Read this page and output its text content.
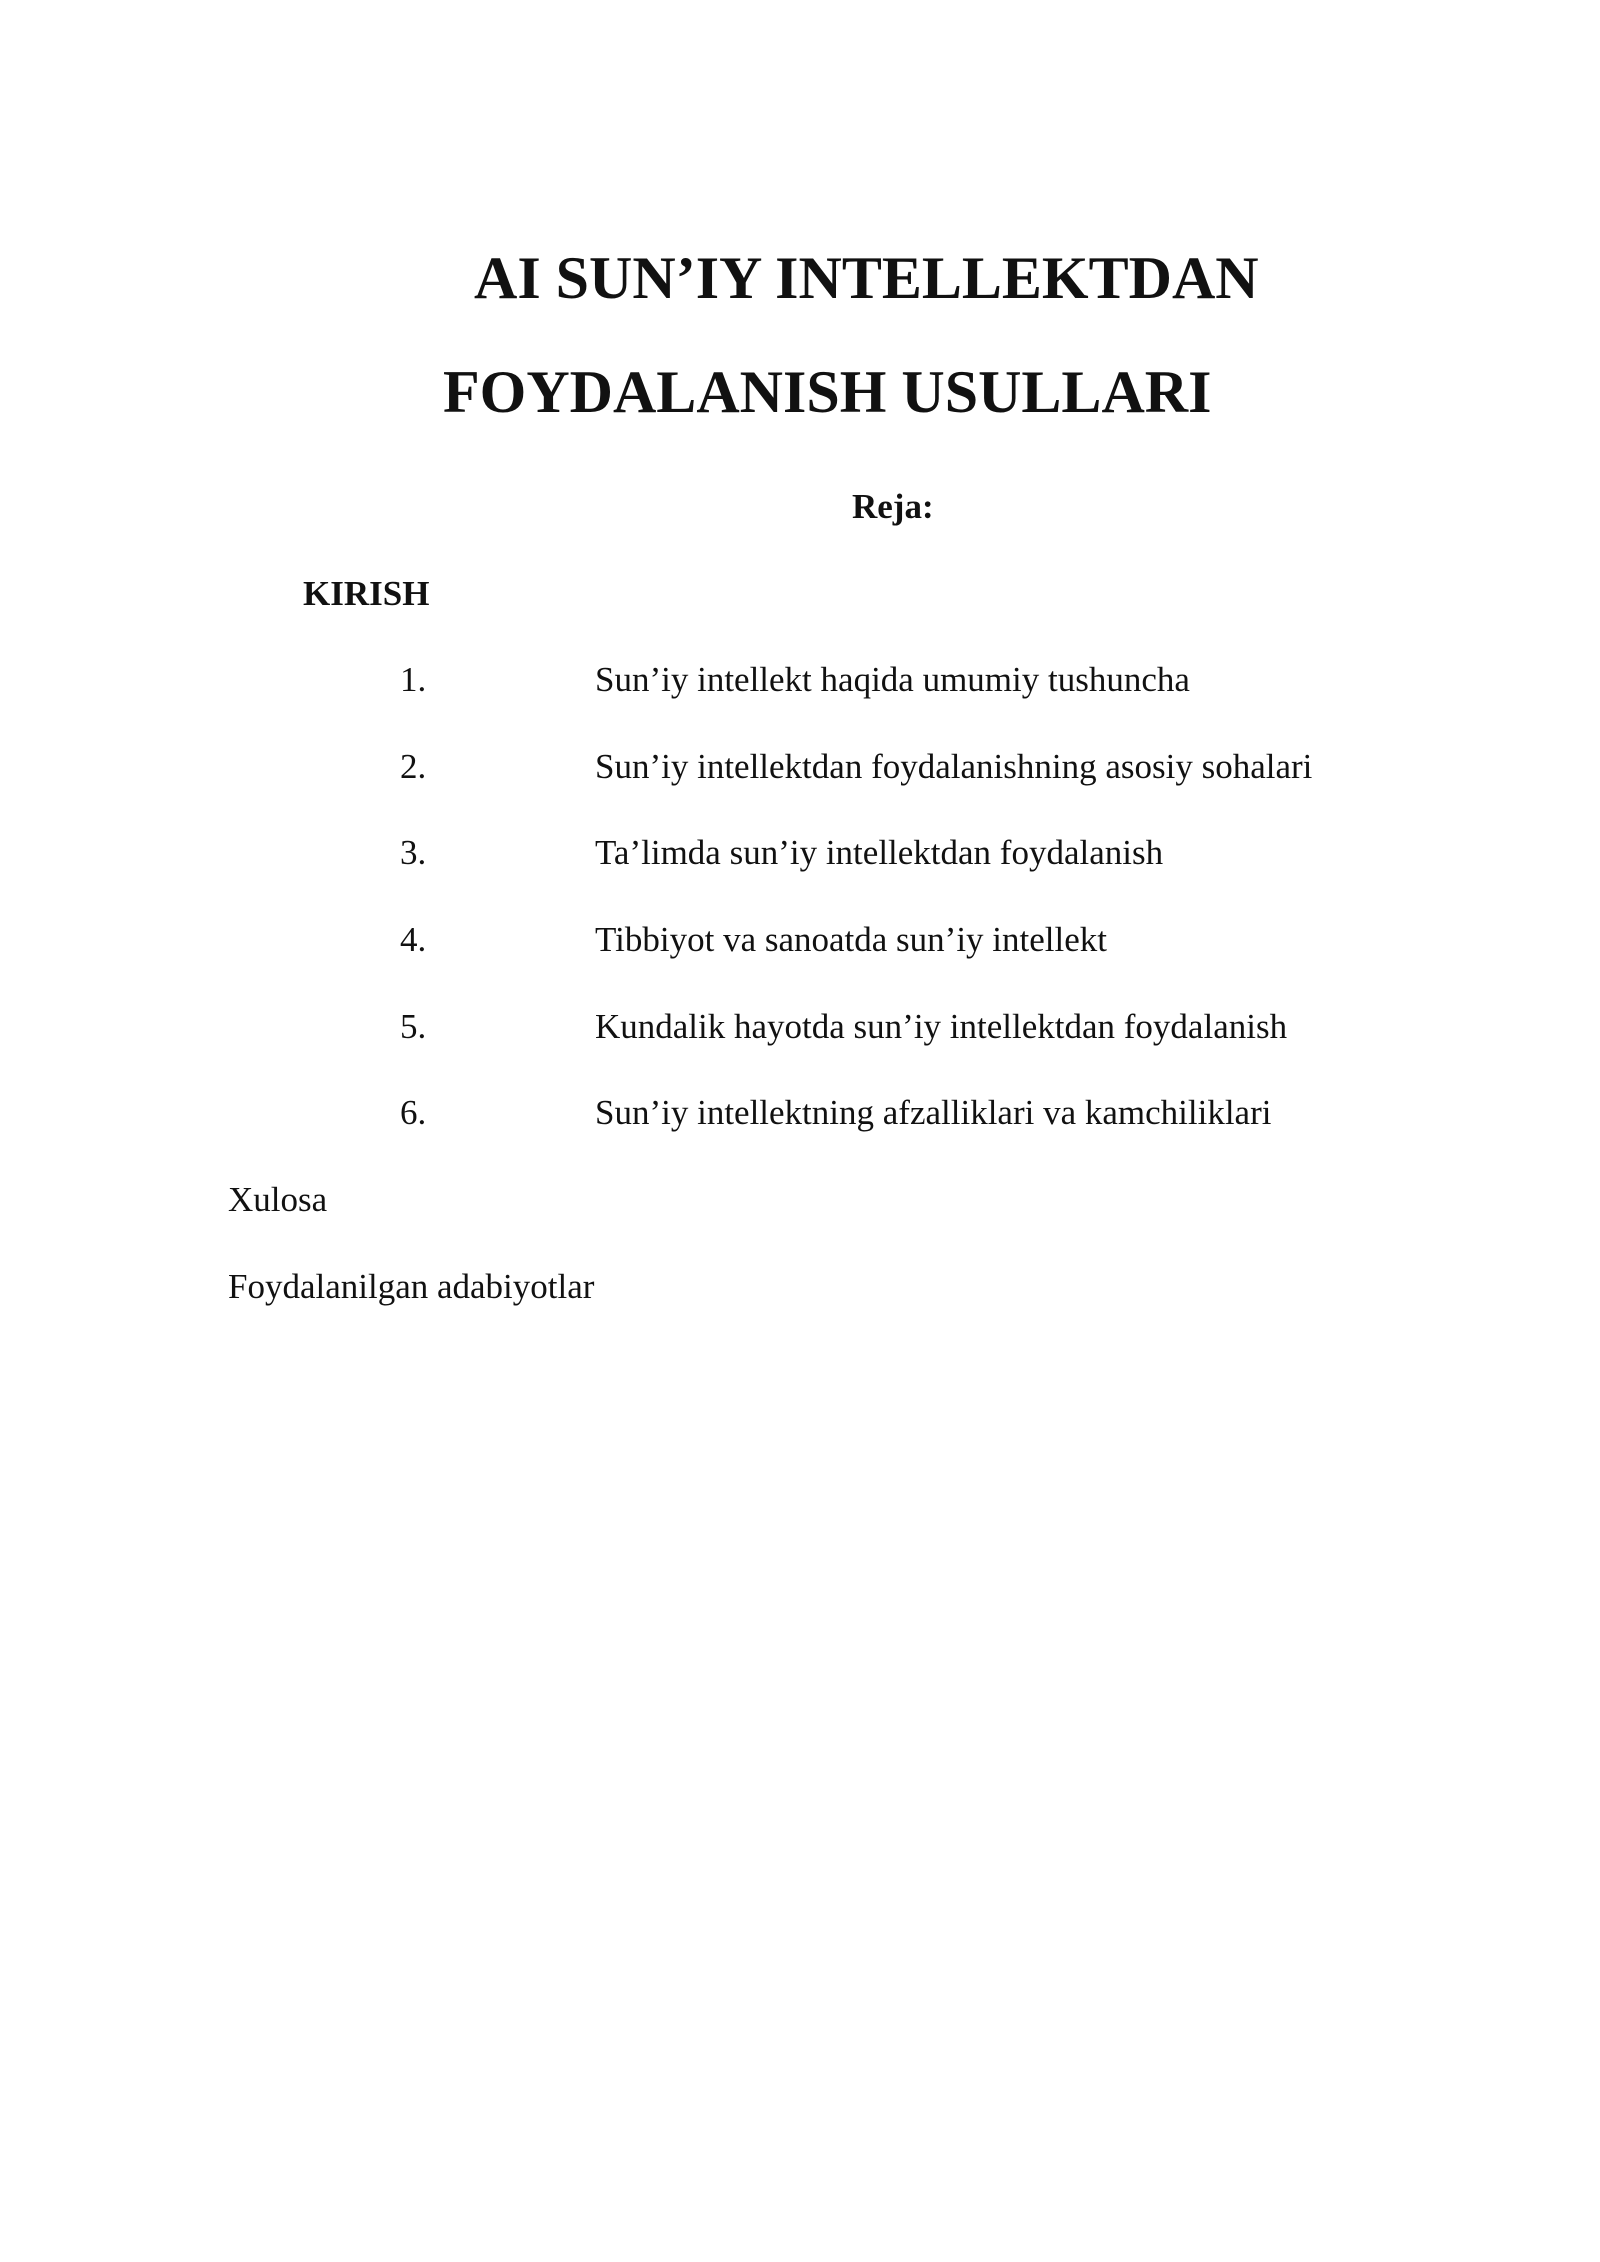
AI SUN’IY INTELLEKTDAN
FOYDALANISH USULLARI
Reja:
KIRISH
1.	Sun’iy intellekt haqida umumiy tushuncha
2.	Sun’iy intellektdan foydalanishning asosiy sohalari
3.	Ta’limda sun’iy intellektdan foydalanish
4.	Tibbiyot va sanoatda sun’iy intellekt
5.	Kundalik hayotda sun’iy intellektdan foydalanish
6.	Sun’iy intellektning afzalliklari va kamchiliklari
Xulosa
Foydalanilgan adabiyotlar
